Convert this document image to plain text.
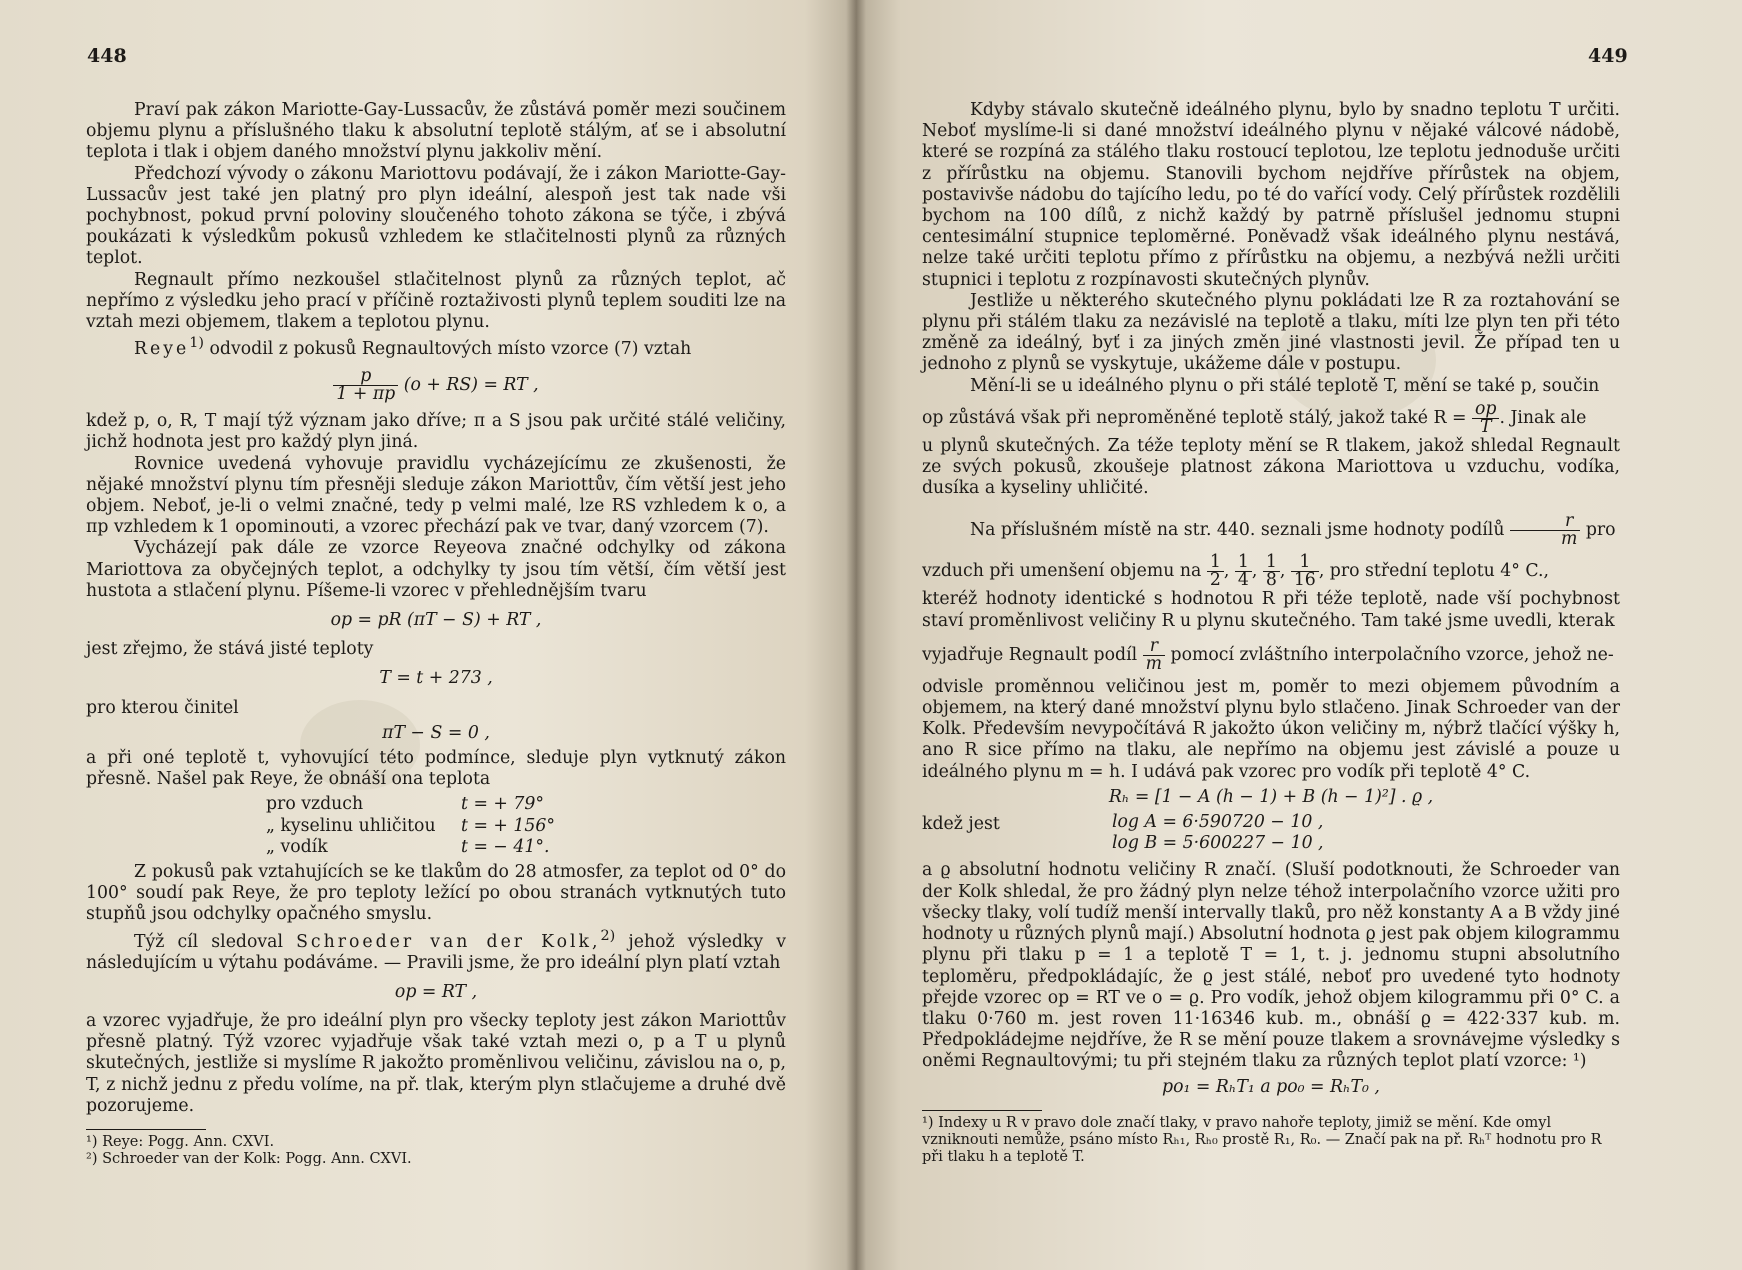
448

Praví pak zákon Mariotte-Gay-Lussacův, že zůstává poměr mezi součinem objemu plynu a příslušného tlaku k absolutní teplotě stálým, ať se i absolutní teplota i tlak i objem daného množství plynu jakkoliv mění.

Předchozí vývody o zákonu Mariottovu podávají, že i zákon Mariotte-Gay-Lussacův jest také jen platný pro plyn ideální, alespoň jest tak nade vši pochybnost, pokud první poloviny sloučeného tohoto zákona se týče, i zbývá poukázati k výsledkům pokusů vzhledem ke stlačitelnosti plynů za různých teplot.

Regnault přímo nezkoušel stlačitelnost plynů za různých teplot, ač nepřímo z výsledku jeho prací v příčině roztaživosti plynů teplem souditi lze na vztah mezi objemem, tlakem a teplotou plynu.

Reye$^{1)}$ odvodil z pokusů Regnaultových místo vzorce (7) vztah

$\frac{p}{1 + \pi p} (o + RS)$ = RT ,

kdež p, o, R, T mají týž význam jako dříve; π a S jsou pak určité stálé veličiny, jichž hodnota jest pro každý plyn jiná.

Rovnice uvedená vyhovuje pravidlu vycházejícímu ze zkušenosti, že nějaké množství plynu tím přesněji sleduje zákon Mariottův, čím větší jest jeho objem. Neboť, je-li o velmi značné, tedy p velmi malé, lze RS vzhledem k o, a πp vzhledem k 1 opominouti, a vzorec přechází pak ve tvar, daný vzorcem (7).

Vycházejí pak dále ze vzorce Reyeova značné odchylky od zákona Mariottova za obyčejných teplot, a odchylky ty jsou tím větší, čím větší jest hustota a stlačení plynu. Píšeme-li vzorec v přehlednějším tvaru

op = pR (πT − S) + RT ,

jest zřejmo, že stává jisté teploty

T = t + 273 ,

pro kterou činitel

πT − S = 0 ,

a při oné teplotě t, vyhovující této podmínce, sleduje plyn vytknutý zákon přesně. Našel pak Reye, že obnáší ona teplota

pro vzduch	t = + 79°
„ kyselinu uhličitou	t = + 156°
„ vodík	t = − 41°.

Z pokusů pak vztahujících se ke tlakům do 28 atmosfer, za teplot od 0° do 100° soudí pak Reye, že pro teploty ležící po obou stranách vytknutých tuto stupňů jsou odchylky opačného smyslu.

Týž cíl sledoval Schroeder van der Kolk,$^{2)}$ jehož výsledky v následujícím u výtahu podáváme. — Pravili jsme, že pro ideální plyn platí vztah

op = RT ,

a vzorec vyjadřuje, že pro ideální plyn pro všecky teploty jest zákon Mariottův přesně platný. Týž vzorec vyjadřuje však také vztah mezi o, p a T u plynů skutečných, jestliže si myslíme R jakožto proměnlivou veličinu, závislou na o, p, T, z nichž jednu z předu volíme, na př. tlak, kterým plyn stlačujeme a druhé dvě pozorujeme.

¹) Reye: Pogg. Ann. CXVI.

²) Schroeder van der Kolk: Pogg. Ann. CXVI.

449

Kdyby stávalo skutečně ideálného plynu, bylo by snadno teplotu T určiti. Neboť myslíme-li si dané množství ideálného plynu v nějaké válcové nádobě, které se rozpíná za stálého tlaku rostoucí teplotou, lze teplotu jednoduše určiti z přírůstku na objemu. Stanovili bychom nejdříve přírůstek na objem, postavivše nádobu do tajícího ledu, po té do vařící vody. Celý přírůstek rozdělili bychom na 100 dílů, z nichž každý by patrně příslušel jednomu stupni centesimální stupnice teploměrné. Poněvadž však ideálného plynu nestává, nelze také určiti teplotu přímo z přírůstku na objemu, a nezbývá nežli určiti stupnici i teplotu z rozpínavosti skutečných plynův.

Jestliže u některého skutečného plynu pokládati lze R za roztahování se plynu při stálém tlaku za nezávislé na teplotě a tlaku, míti lze plyn ten při této změně za ideálný, byť i za jiných změn jiné vlastnosti jevil. Že případ ten u jednoho z plynů se vyskytuje, ukážeme dále v postupu.

Mění-li se u ideálného plynu o při stálé teplotě T, mění se také p, součin

op zůstává však při neproměněné teplotě stálý, jakož také $R = \frac{op}{T}$ . Jinak ale

u plynů skutečných. Za téže teploty mění se R tlakem, jakož shledal Regnault ze svých pokusů, zkoušeje platnost zákona Mariottova u vzduchu, vodíka, dusíka a kyseliny uhličité.

Na příslušném místě na str. 440. seznali jsme hodnoty podílů $\frac{r}{m}$ pro

vzduch při umenšení objemu na $\frac{1}{2}$ , $\frac{1}{4}$ , $\frac{1}{8}$ , $\frac{1}{16}$ , pro střední teplotu 4° C.,

kteréž hodnoty identické s hodnotou R při téže teplotě, nade vší pochybnost staví proměnlivost veličiny R u plynu skutečného. Tam také jsme uvedli, kterak

vyjadřuje Regnault podíl $\frac{r}{m}$ pomocí zvláštního interpolačního vzorce, jehož ne-

odvisle proměnnou veličinou jest m, poměr to mezi objemem původním a objemem, na který dané množství plynu bylo stlačeno. Jinak Schroeder van der Kolk. Především nevypočítává R jakožto úkon veličiny m, nýbrž tlačící výšky h, ano R sice přímo na tlaku, ale nepřímo na objemu jest závislé a pouze u ideálného plynu m = h. I udává pak vzorec pro vodík při teplotě 4° C.

Rₕ = [1 − A (h − 1) + B (h − 1)²] . ϱ ,
kdež jest	log A = 6·590720 − 10 ,
log B = 5·600227 − 10 ,

a ϱ absolutní hodnotu veličiny R značí. (Sluší podotknouti, že Schroeder van der Kolk shledal, že pro žádný plyn nelze téhož interpolačního vzorce užiti pro všecky tlaky, volí tudíž menší intervally tlaků, pro něž konstanty A a B vždy jiné hodnoty u různých plynů mají.) Absolutní hodnota ϱ jest pak objem kilogrammu plynu při tlaku p = 1 a teplotě T = 1, t. j. jednomu stupni absolutního teploměru, předpokládajíc, že ϱ jest stálé, neboť pro uvedené tyto hodnoty přejde vzorec op = RT ve o = ϱ. Pro vodík, jehož objem kilogrammu při 0° C. a tlaku 0·760 m. jest roven 11·16346 kub. m., obnáší ϱ = 422·337 kub. m. Předpokládejme nejdříve, že R se mění pouze tlakem a srovnávejme výsledky s oněmi Regnaultovými; tu při stejném tlaku za různých teplot platí vzorce: ¹)

po₁ = RₕT₁ a po₀ = RₕT₀ ,

¹) Indexy u R v pravo dole značí tlaky, v pravo nahoře teploty, jimiž se mění. Kde omyl vzniknouti nemůže, psáno místo Rₕ₁, Rₕ₀ prostě R₁, R₀. — Značí pak na př. Rₕᵀ hodnotu pro R při tlaku h a teplotě T.
